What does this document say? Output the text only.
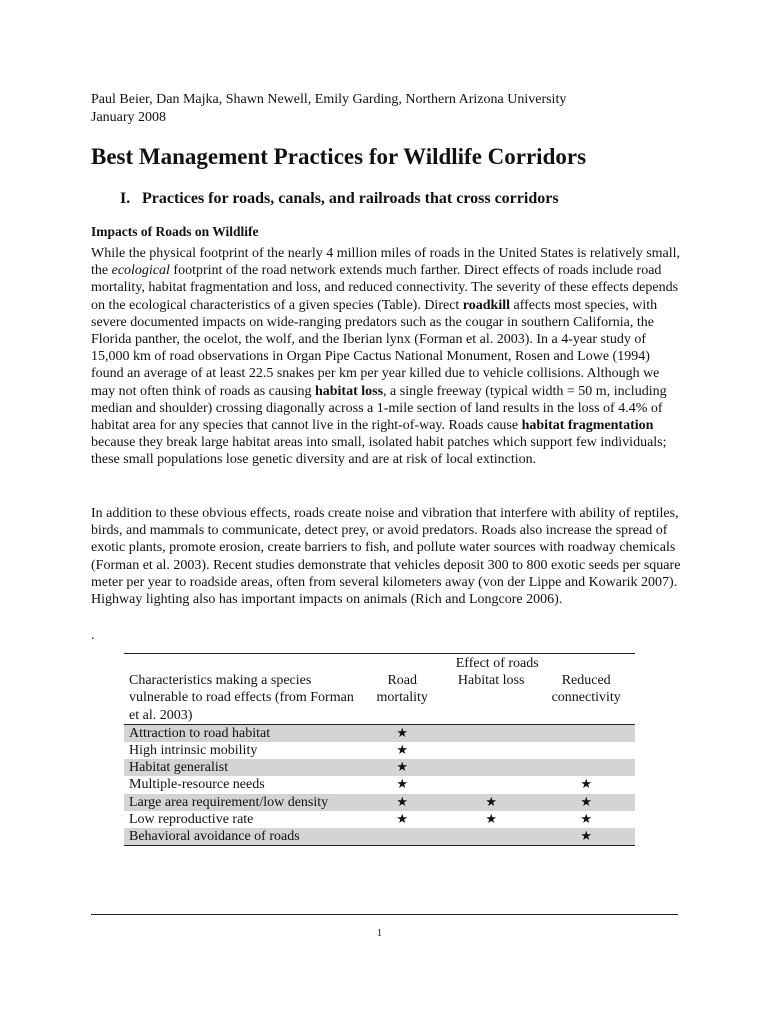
Paul Beier, Dan Majka, Shawn Newell, Emily Garding, Northern Arizona University
January 2008
Best Management Practices for Wildlife Corridors
I. Practices for roads, canals, and railroads that cross corridors
Impacts of Roads on Wildlife

While the physical footprint of the nearly 4 million miles of roads in the United States is relatively small, the ecological footprint of the road network extends much farther. Direct effects of roads include road mortality, habitat fragmentation and loss, and reduced connectivity. The severity of these effects depends on the ecological characteristics of a given species (Table). Direct roadkill affects most species, with severe documented impacts on wide-ranging predators such as the cougar in southern California, the Florida panther, the ocelot, the wolf, and the Iberian lynx (Forman et al. 2003). In a 4-year study of 15,000 km of road observations in Organ Pipe Cactus National Monument, Rosen and Lowe (1994) found an average of at least 22.5 snakes per km per year killed due to vehicle collisions. Although we may not often think of roads as causing habitat loss, a single freeway (typical width = 50 m, including median and shoulder) crossing diagonally across a 1-mile section of land results in the loss of 4.4% of habitat area for any species that cannot live in the right-of-way. Roads cause habitat fragmentation because they break large habitat areas into small, isolated habit patches which support few individuals; these small populations lose genetic diversity and are at risk of local extinction.

In addition to these obvious effects, roads create noise and vibration that interfere with ability of reptiles, birds, and mammals to communicate, detect prey, or avoid predators. Roads also increase the spread of exotic plants, promote erosion, create barriers to fish, and pollute water sources with roadway chemicals (Forman et al. 2003). Recent studies demonstrate that vehicles deposit 300 to 800 exotic seeds per square meter per year to roadside areas, often from several kilometers away (von der Lippe and Kowarik 2007). Highway lighting also has important impacts on animals (Rich and Longcore 2006).

.
	Effect of roads		
Characteristics making a species vulnerable to road effects (from Forman et al. 2003)	Road mortality	Habitat loss	Reduced connectivity
Attraction to road habitat	★		
High intrinsic mobility	★		
Habitat generalist	★		
Multiple-resource needs	★		★
Large area requirement/low density	★	★	★
Low reproductive rate	★	★	★
Behavioral avoidance of roads			★
1
